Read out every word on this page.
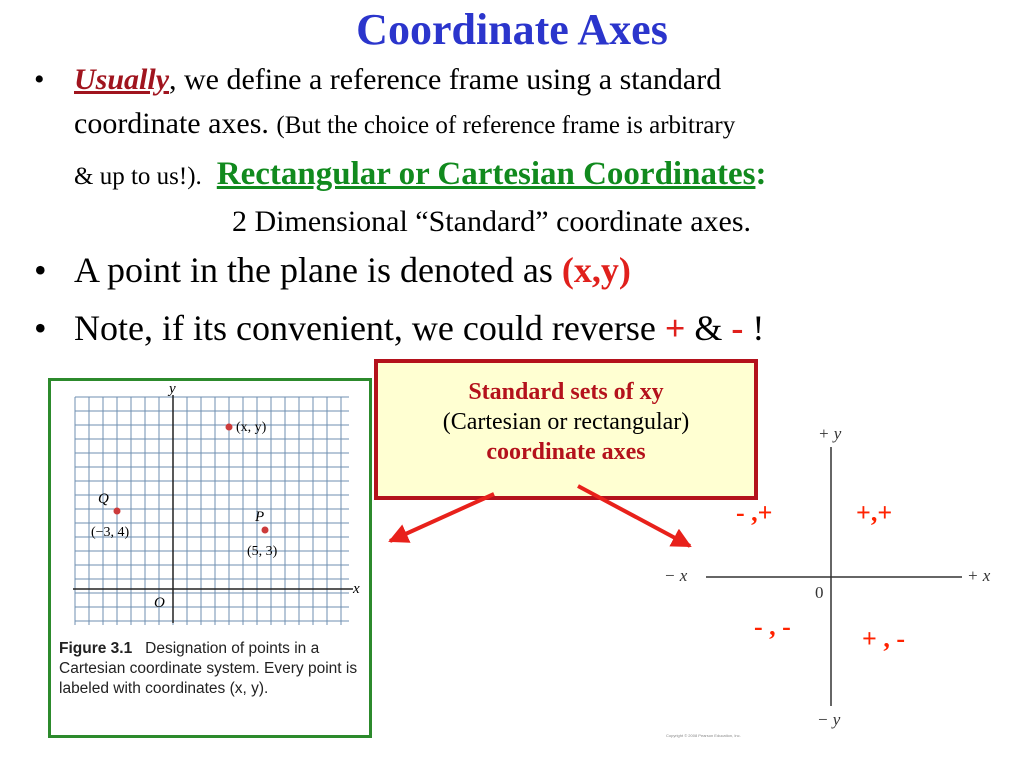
Coordinate Axes
• Usually, we define a reference frame using a standard
coordinate axes. (But the choice of reference frame is arbitrary
& up to us!). Rectangular or Cartesian Coordinates:
2 Dimensional “Standard” coordinate axes.
• A point in the plane is denoted as (x,y)
• Note, if its convenient, we could reverse + & - !
y
x
O
(x, y)
Q
(−3, 4)
P
(5, 3)
Figure 3.1 Designation of points in a Cartesian coordinate system. Every point is labeled with coordinates (x, y).
Standard sets of xy
(Cartesian or rectangular)
coordinate axes
+ y
− y
− x	+ x
0
- ,+	+,+
- , -	+ , -
Copyright © 2008 Pearson Education, Inc.
